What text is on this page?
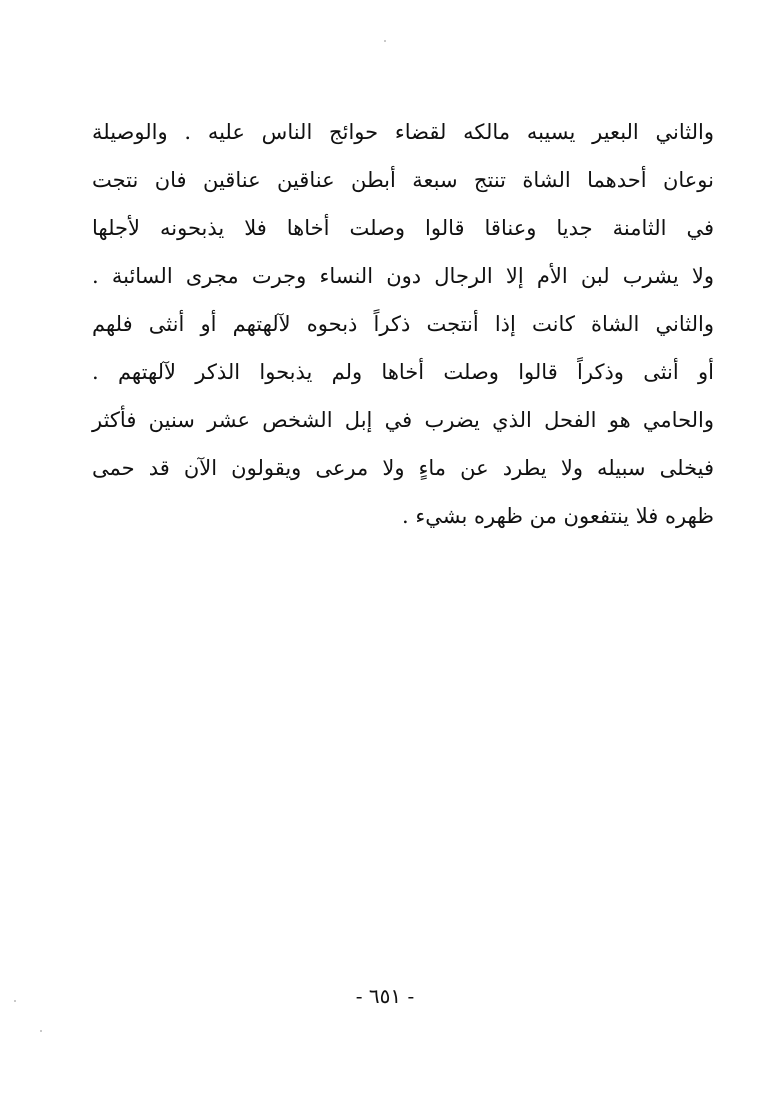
والثاني البعير يسيبه مالكه لقضاء حوائج الناس عليه . والوصيلة
نوعان أحدهما الشاة تنتج سبعة أبطن عناقين عناقين فان نتجت
في الثامنة جديا وعناقا قالوا وصلت أخاها فلا يذبحونه لأجلها
ولا يشرب لبن الأم إلا الرجال دون النساء وجرت مجرى السائبة .
والثاني الشاة كانت إذا أنتجت ذكراً ذبحوه لآلهتهم أو أنثى فلهم
أو أنثى وذكراً قالوا وصلت أخاها ولم يذبحوا الذكر لآلهتهم .
والحامي هو الفحل الذي يضرب في إبل الشخص عشر سنين فأكثر
فيخلى سبيله ولا يطرد عن ماءٍ ولا مرعى ويقولون الآن قد حمى
ظهره فلا ينتفعون من ظهره بشيء .
- ٦٥١ -
